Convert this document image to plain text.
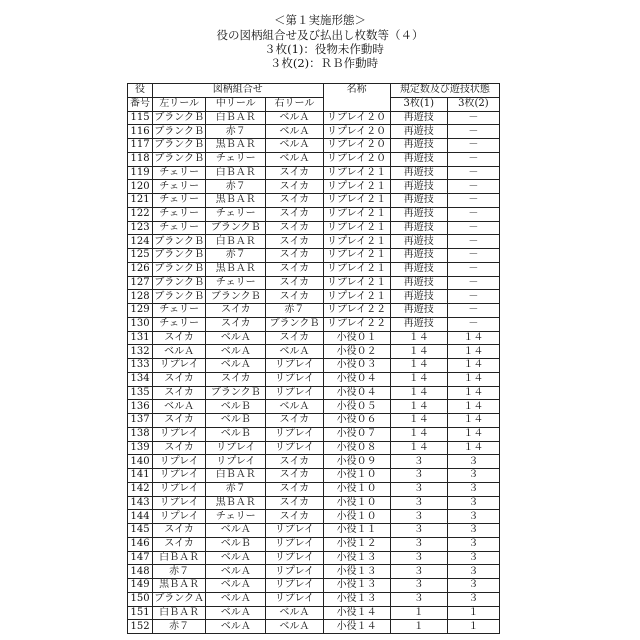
＜第１実施形態＞
役の図柄組合せ及び払出し枚数等（４）
３枚(1)：役物未作動時
３枚(2)：ＲＢ作動時
役	図柄組合せ	名称	規定数及び遊技状態
番号	左リール	中リール	右リール	3枚(1)	3枚(2)
115	ブランクＢ	白ＢＡＲ	ベルＡ	リプレイ２０	再遊技	－
116	ブランクＢ	赤７	ベルＡ	リプレイ２０	再遊技	－
117	ブランクＢ	黒ＢＡＲ	ベルＡ	リプレイ２０	再遊技	－
118	ブランクＢ	チェリー	ベルＡ	リプレイ２０	再遊技	－
119	チェリー	白ＢＡＲ	スイカ	リプレイ２１	再遊技	－
120	チェリー	赤７	スイカ	リプレイ２１	再遊技	－
121	チェリー	黒ＢＡＲ	スイカ	リプレイ２１	再遊技	－
122	チェリー	チェリー	スイカ	リプレイ２１	再遊技	－
123	チェリー	ブランクＢ	スイカ	リプレイ２１	再遊技	－
124	ブランクＢ	白ＢＡＲ	スイカ	リプレイ２１	再遊技	－
125	ブランクＢ	赤７	スイカ	リプレイ２１	再遊技	－
126	ブランクＢ	黒ＢＡＲ	スイカ	リプレイ２１	再遊技	－
127	ブランクＢ	チェリー	スイカ	リプレイ２１	再遊技	－
128	ブランクＢ	ブランクＢ	スイカ	リプレイ２１	再遊技	－
129	チェリー	スイカ	赤７	リプレイ２２	再遊技	－
130	チェリー	スイカ	ブランクＢ	リプレイ２２	再遊技	－
131	スイカ	ベルＡ	スイカ	小役０１	１４	１４
132	ベルＡ	ベルＡ	ベルＡ	小役０２	１４	１４
133	リプレイ	ベルＡ	リプレイ	小役０３	１４	１４
134	スイカ	スイカ	リプレイ	小役０４	１４	１４
135	スイカ	ブランクＢ	リプレイ	小役０４	１４	１４
136	ベルＡ	ベルＢ	ベルＡ	小役０５	１４	１４
137	スイカ	ベルＢ	スイカ	小役０６	１４	１４
138	リプレイ	ベルＢ	リプレイ	小役０７	１４	１４
139	スイカ	リプレイ	リプレイ	小役０８	１４	１４
140	リプレイ	リプレイ	スイカ	小役０９	３	３
141	リプレイ	白ＢＡＲ	スイカ	小役１０	３	３
142	リプレイ	赤７	スイカ	小役１０	３	３
143	リプレイ	黒ＢＡＲ	スイカ	小役１０	３	３
144	リプレイ	チェリー	スイカ	小役１０	３	３
145	スイカ	ベルＡ	リプレイ	小役１１	３	３
146	スイカ	ベルＢ	リプレイ	小役１２	３	３
147	白ＢＡＲ	ベルＡ	リプレイ	小役１３	３	３
148	赤７	ベルＡ	リプレイ	小役１３	３	３
149	黒ＢＡＲ	ベルＡ	リプレイ	小役１３	３	３
150	ブランクＡ	ベルＡ	リプレイ	小役１３	３	３
151	白ＢＡＲ	ベルＡ	ベルＡ	小役１４	１	１
152	赤７	ベルＡ	ベルＡ	小役１４	１	１
